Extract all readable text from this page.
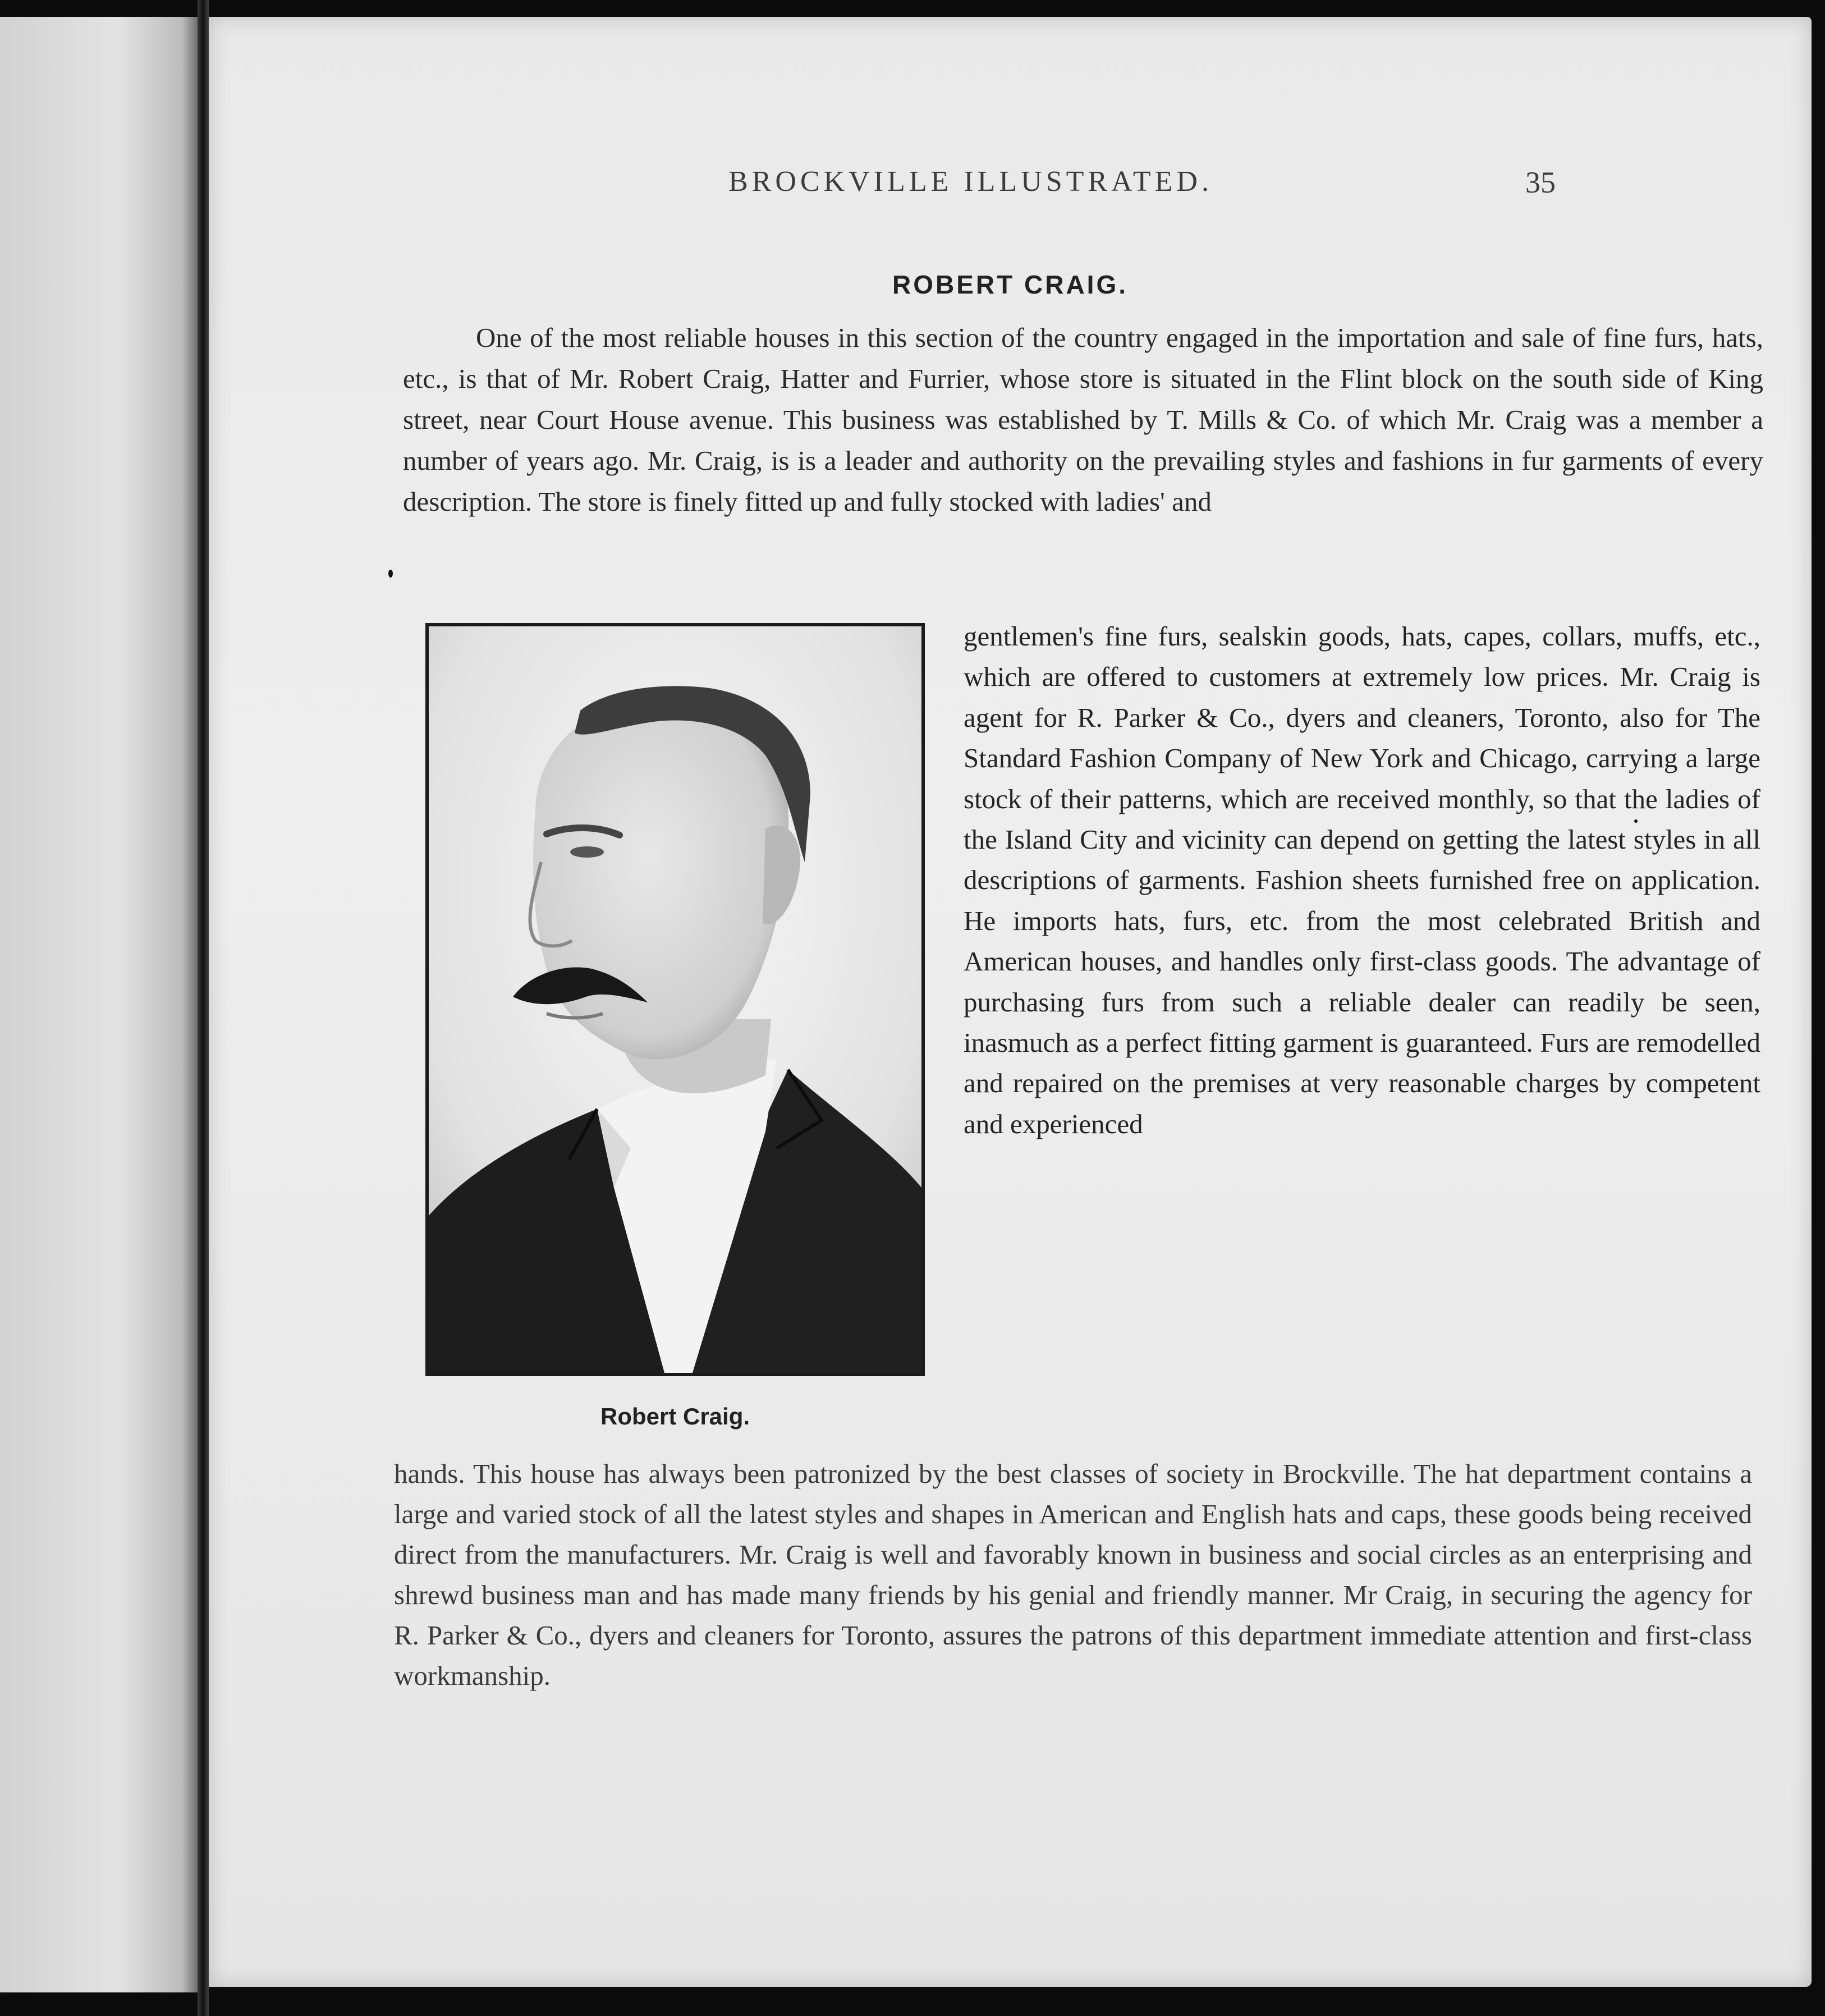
BROCKVILLE ILLUSTRATED.	35
ROBERT CRAIG.

One of the most reliable houses in this section of the country engaged in the importation and sale of fine furs, hats, etc., is that of Mr. Robert Craig, Hatter and Furrier, whose store is situated in the Flint block on the south side of King street, near Court House avenue. This business was established by T. Mills & Co. of which Mr. Craig was a member a number of years ago. Mr. Craig, is is a leader and authority on the prevailing styles and fashions in fur garments of every description. The store is finely fitted up and fully stocked with ladies' and

Robert Craig.

gentlemen's fine furs, sealskin goods, hats, capes, collars, muffs, etc., which are offered to customers at extremely low prices. Mr. Craig is agent for R. Parker & Co., dyers and cleaners, Toronto, also for The Standard Fashion Company of New York and Chicago, carrying a large stock of their patterns, which are received monthly, so that the ladies of the Island City and vicinity can depend on getting the latest styles in all descriptions of garments. Fashion sheets furnished free on application. He imports hats, furs, etc. from the most celebrated British and American houses, and handles only first-class goods. The advantage of purchasing furs from such a reliable dealer can readily be seen, inasmuch as a perfect fitting garment is guaranteed. Furs are remodelled and repaired on the premises at very reasonable charges by competent and experienced

hands. This house has always been patronized by the best classes of society in Brockville. The hat department contains a large and varied stock of all the latest styles and shapes in American and English hats and caps, these goods being received direct from the manufacturers. Mr. Craig is well and favorably known in business and social circles as an enterprising and shrewd business man and has made many friends by his genial and friendly manner. Mr Craig, in securing the agency for R. Parker & Co., dyers and cleaners for Toronto, assures the patrons of this department immediate attention and first-class workmanship.
